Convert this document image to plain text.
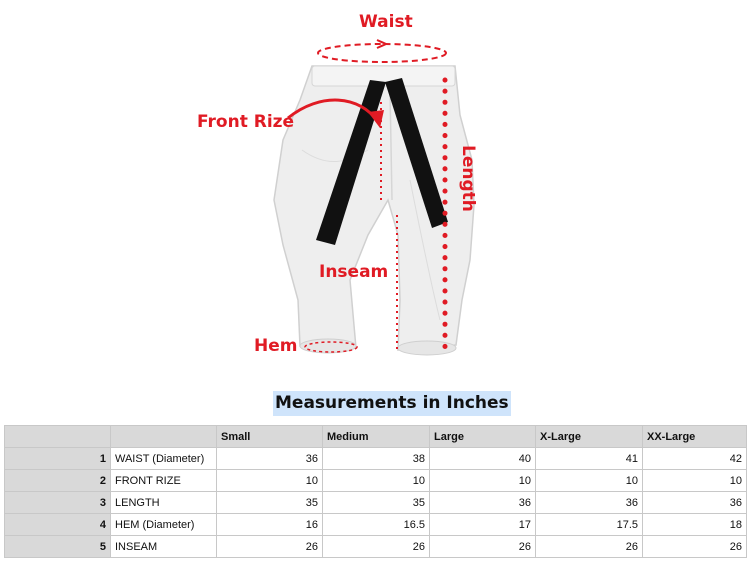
Waist
Front Rize
Length
Inseam
Hem
Measurements in Inches
		Small	Medium	Large	X-Large	XX-Large
1	WAIST (Diameter)	36	38	40	41	42
2	FRONT RIZE	10	10	10	10	10
3	LENGTH	35	35	36	36	36
4	HEM (Diameter)	16	16.5	17	17.5	18
5	INSEAM	26	26	26	26	26
